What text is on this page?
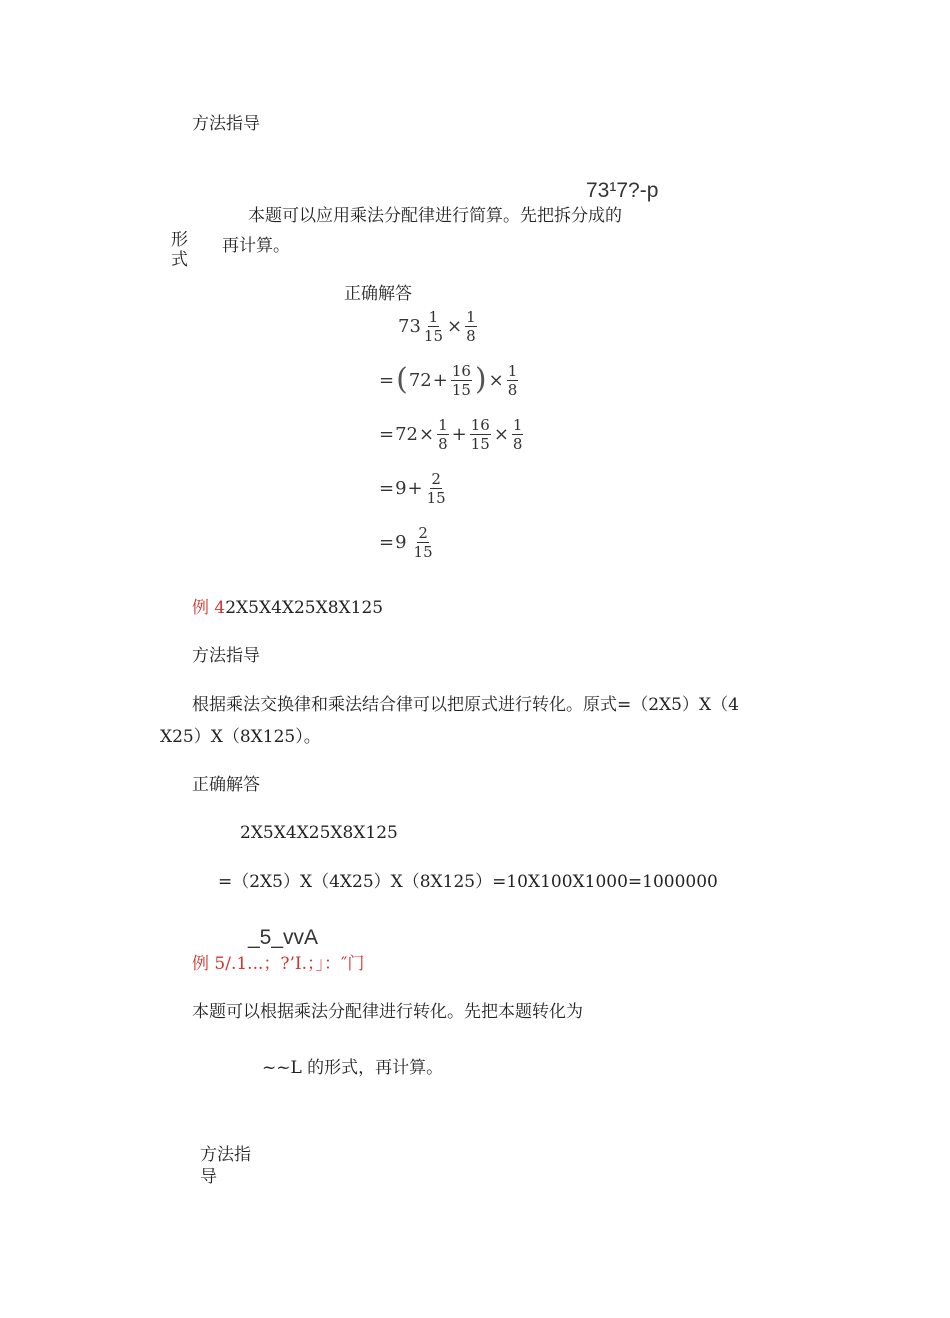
方法指导
73¹7?-p
本题可以应用乘法分配律进行简算。先把拆分成的
形
式
再计算。
正确解答
$73 \frac{1}{15} \times \frac{1}{8}$
= ( $72 + \frac{16}{15}$ ) × $\frac{1}{8}$
= $72 \times \frac{1}{8} + \frac{16}{15} \times \frac{1}{8}$
= $9 + \frac{2}{15}$
= $9 \frac{2}{15}$
例 42X5X4X25X8X125
方法指导
根据乘法交换律和乘法结合律可以把原式进行转化。原式=（2X5）X（4
X25）X（8X125）。
正确解答
2X5X4X25X8X125
=（2X5）X（4X25）X（8X125）=10X100X1000=1000000
_5_vvA
例 5/.1...；?’I.；」：″门
本题可以根据乘法分配律进行转化。先把本题转化为
~~L 的形式，再计算。
方法指
导
